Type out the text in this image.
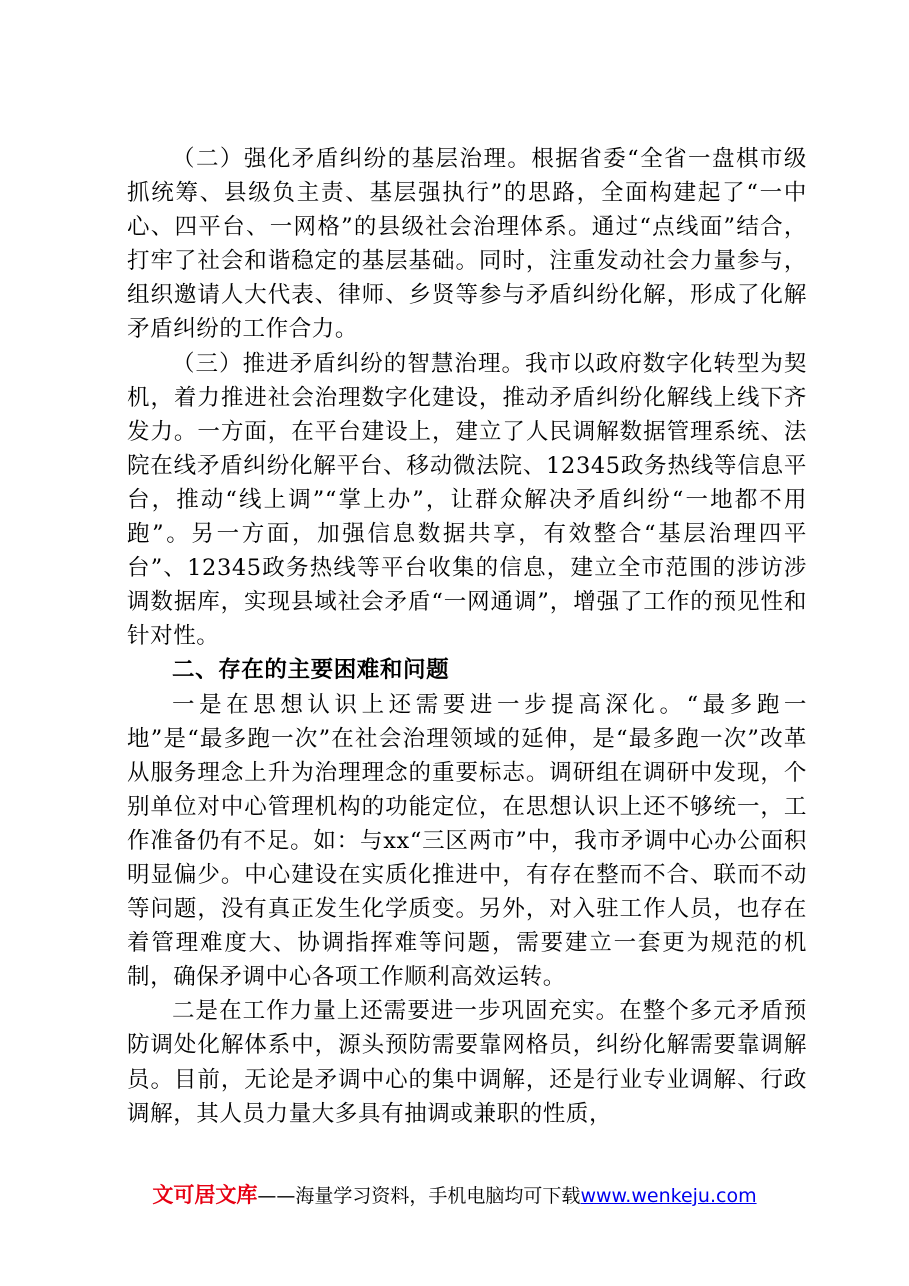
（二）强化矛盾纠纷的基层治理。根据省委“全省一盘棋市级抓统筹、县级负主责、基层强执行”的思路，全面构建起了“一中心、四平台、一网格”的县级社会治理体系。通过“点线面”结合，打牢了社会和谐稳定的基层基础。同时，注重发动社会力量参与，组织邀请人大代表、律师、乡贤等参与矛盾纠纷化解，形成了化解矛盾纠纷的工作合力。

（三）推进矛盾纠纷的智慧治理。我市以政府数字化转型为契机，着力推进社会治理数字化建设，推动矛盾纠纷化解线上线下齐发力。一方面，在平台建设上，建立了人民调解数据管理系统、法院在线矛盾纠纷化解平台、移动微法院、12345政务热线等信息平台，推动“线上调”“掌上办”，让群众解决矛盾纠纷“一地都不用跑”。另一方面，加强信息数据共享，有效整合“基层治理四平台”、12345政务热线等平台收集的信息，建立全市范围的涉访涉调数据库，实现县域社会矛盾“一网通调”，增强了工作的预见性和针对性。

二、存在的主要困难和问题

一是在思想认识上还需要进一步提高深化。“最多跑一地”是“最多跑一次”在社会治理领域的延伸，是“最多跑一次”改革从服务理念上升为治理理念的重要标志。调研组在调研中发现，个别单位对中心管理机构的功能定位，在思想认识上还不够统一，工作准备仍有不足。如：与xx“三区两市”中，我市矛调中心办公面积明显偏少。中心建设在实质化推进中，有存在整而不合、联而不动等问题，没有真正发生化学质变。另外，对入驻工作人员，也存在着管理难度大、协调指挥难等问题，需要建立一套更为规范的机制，确保矛调中心各项工作顺利高效运转。

二是在工作力量上还需要进一步巩固充实。在整个多元矛盾预防调处化解体系中，源头预防需要靠网格员，纠纷化解需要靠调解员。目前，无论是矛调中心的集中调解，还是行业专业调解、行政调解，其人员力量大多具有抽调或兼职的性质，

文可居文库——海量学习资料，手机电脑均可下载www.wenkeju.com
